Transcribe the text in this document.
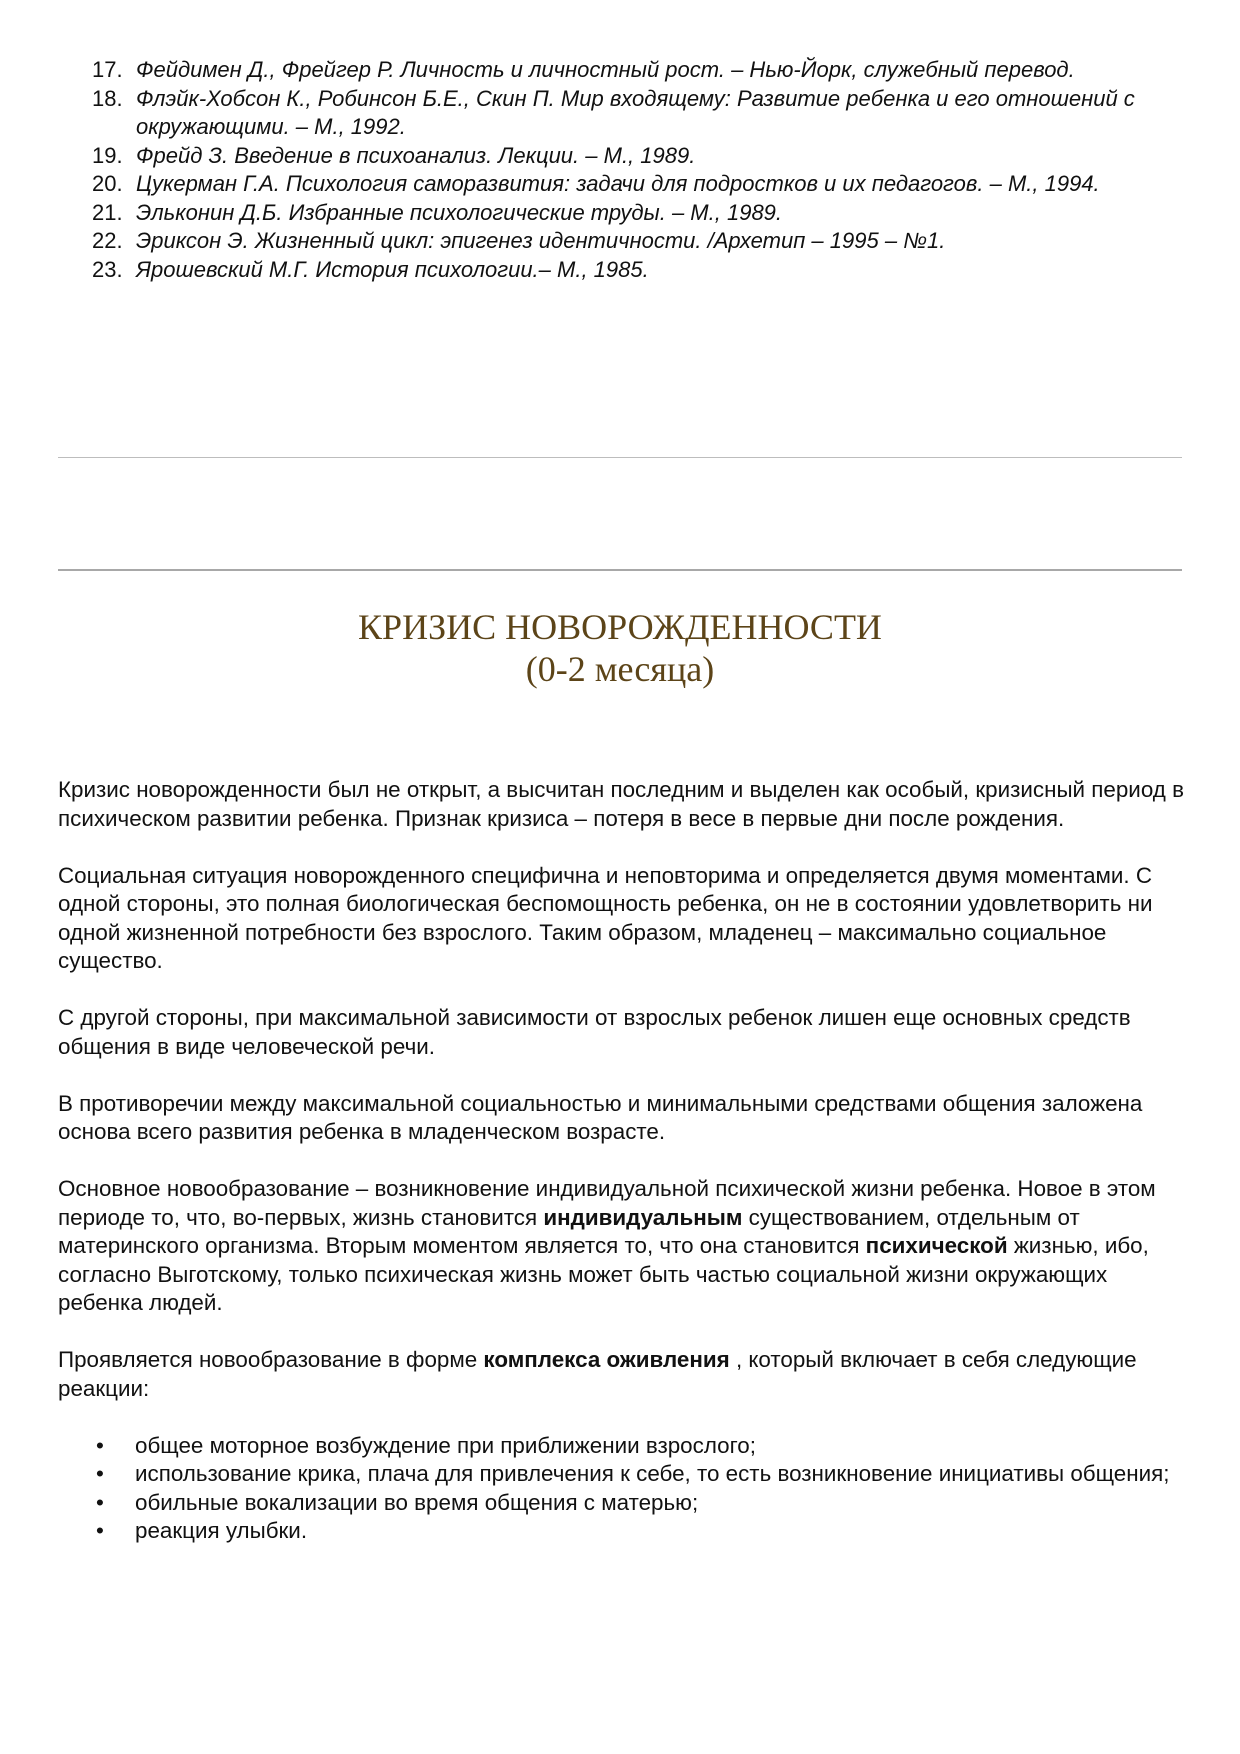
17. Фейдимен Д., Фрейгер Р. Личность и личностный рост. – Нью-Йорк, служебный перевод.
18. Флэйк-Хобсон К., Робинсон Б.Е., Скин П. Мир входящему: Развитие ребенка и его отношений с окружающими. – М., 1992.
19. Фрейд З. Введение в психоанализ. Лекции. – М., 1989.
20. Цукерман Г.А. Психология саморазвития: задачи для подростков и их педагогов. – М., 1994.
21. Эльконин Д.Б. Избранные психологические труды. – М., 1989.
22. Эриксон Э. Жизненный цикл: эпигенез идентичности. /Архетип – 1995 – №1.
23. Ярошевский М.Г. История психологии.– М., 1985.
КРИЗИС НОВОРОЖДЕННОСТИ
(0-2 месяца)

Кризис новорожденности был не открыт, а высчитан последним и выделен как особый, кризисный период в психическом развитии ребенка. Признак кризиса – потеря в весе в первые дни после рождения.

Социальная ситуация новорожденного специфична и неповторима и определяется двумя моментами. С одной стороны, это полная биологическая беспомощность ребенка, он не в состоянии удовлетворить ни одной жизненной потребности без взрослого. Таким образом, младенец – максимально социальное существо.

С другой стороны, при максимальной зависимости от взрослых ребенок лишен еще основных средств общения в виде человеческой речи.

В противоречии между максимальной социальностью и минимальными средствами общения заложена основа всего развития ребенка в младенческом возрасте.

Основное новообразование – возникновение индивидуальной психической жизни ребенка. Новое в этом периоде то, что, во-первых, жизнь становится индивидуальным существованием, отдельным от материнского организма. Вторым моментом является то, что она становится психической жизнью, ибо, согласно Выготскому, только психическая жизнь может быть частью социальной жизни окружающих ребенка людей.

Проявляется новообразование в форме комплекса оживления , который включает в себя следующие реакции:

• общее моторное возбуждение при приближении взрослого;
• использование крика, плача для привлечения к себе, то есть возникновение инициативы общения;
• обильные вокализации во время общения с матерью;
• реакция улыбки.
